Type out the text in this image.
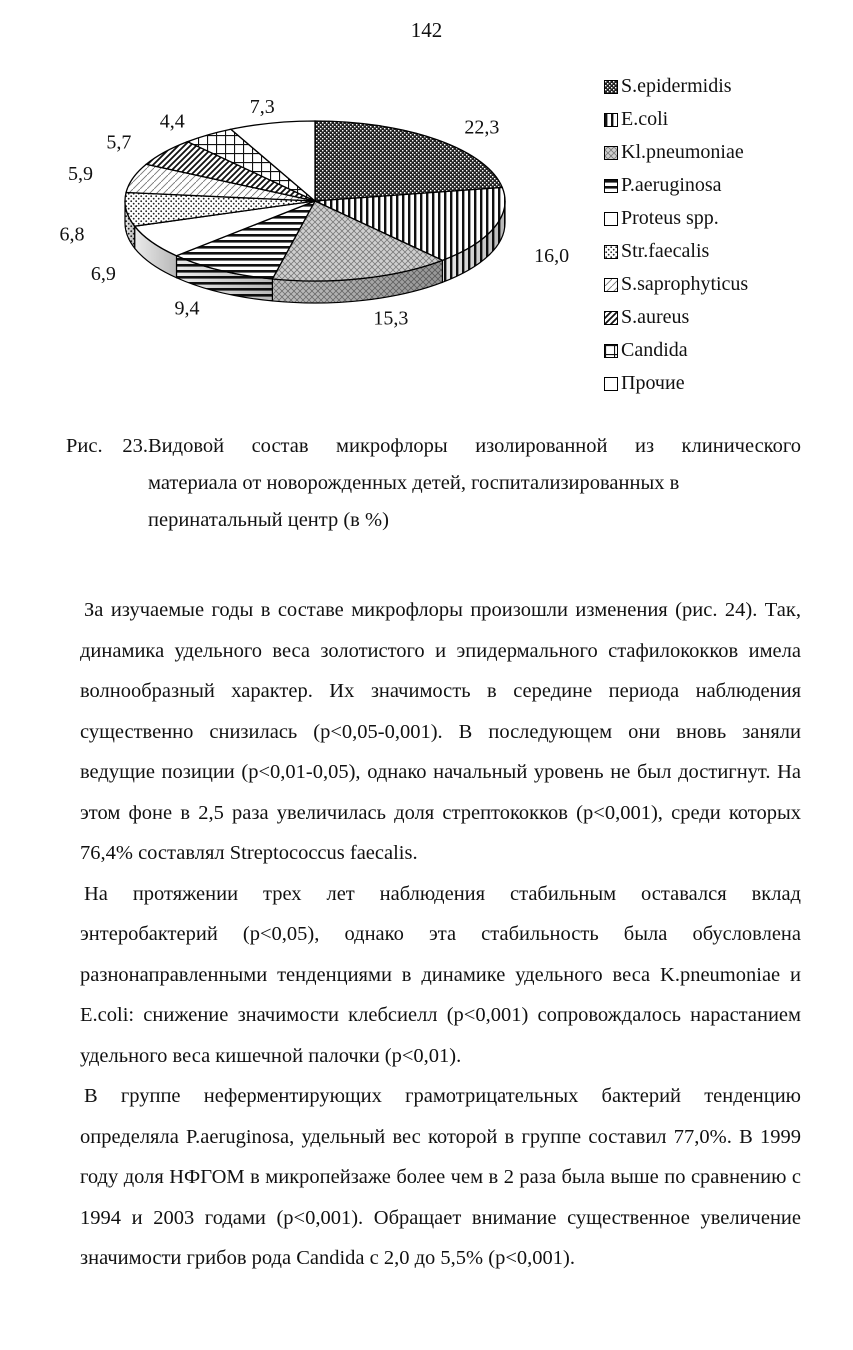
142
22,3
16,0
15,3
9,4
6,9
6,8
5,9
5,7
4,4
7,3
S.epidermidis
E.coli
Kl.pneumoniae
P.aeruginosa
Proteus spp.
Str.faecalis
S.saprophyticus
S.aureus
Candida
Прочие
Рис. 23.Видовой состав микрофлоры изолированной из клинического
материала от новорожденных детей, госпитализированных в
перинатальный центр (в %)

За изучаемые годы в составе микрофлоры произошли изменения (рис. 24). Так, динамика удельного веса золотистого и эпидермального стафилококков имела волнообразный характер. Их значимость в середине периода наблюдения существенно снизилась (р<0,05-0,001). В последующем они вновь заняли ведущие позиции (р<0,01-0,05), однако начальный уровень не был достигнут. На этом фоне в 2,5 раза увеличилась доля стрептококков (р<0,001), среди которых 76,4% составлял Streptococcus faecalis.

На протяжении трех лет наблюдения стабильным оставался вклад энтеробактерий (р<0,05), однако эта стабильность была обусловлена разнонаправленными тенденциями в динамике удельного веса K.pneumoniae и E.coli: снижение значимости клебсиелл (р<0,001) сопровождалось нарастанием удельного веса кишечной палочки (р<0,01).

В группе неферментирующих грамотрицательных бактерий тенденцию определяла P.aeruginosa, удельный вес которой в группе составил 77,0%. В 1999 году доля НФГОМ в микропейзаже более чем в 2 раза была выше по сравнению с 1994 и 2003 годами (р<0,001). Обращает внимание существенное увеличение значимости грибов рода Candida с 2,0 до 5,5% (р<0,001).
